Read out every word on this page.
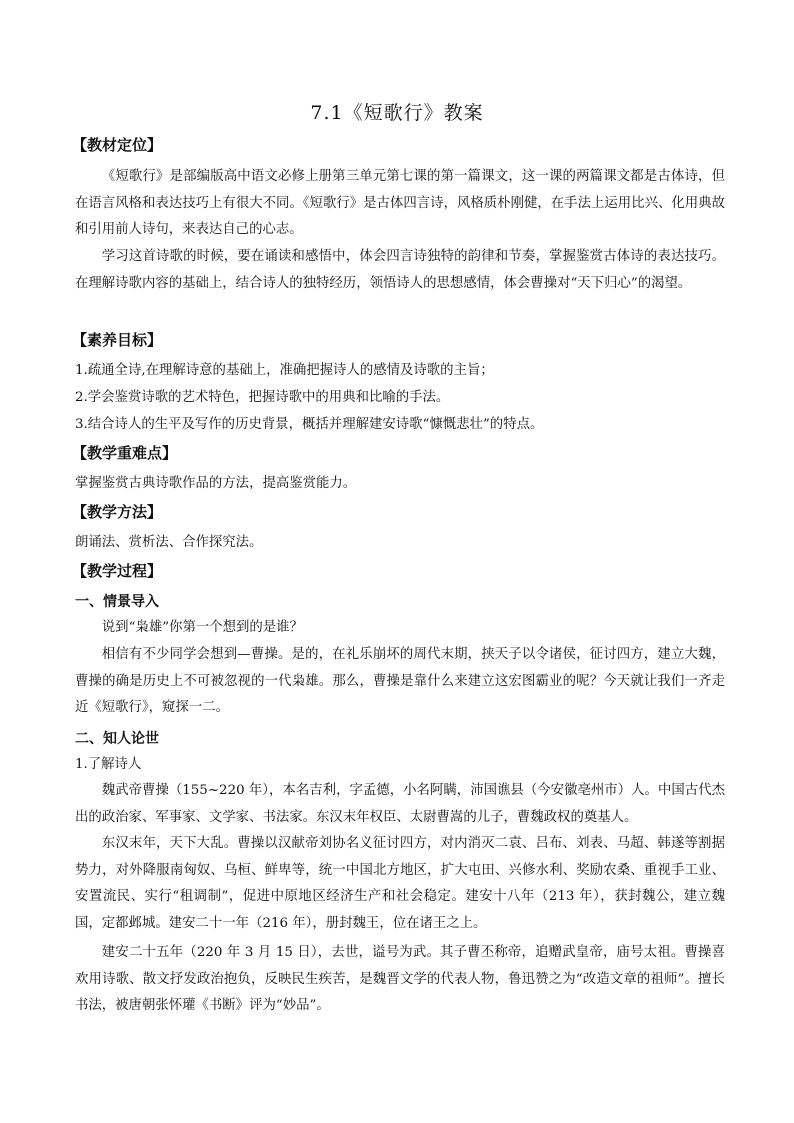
7.1《短歌行》教案
【教材定位】
《短歌行》是部编版高中语文必修上册第三单元第七课的第一篇课文，这一课的两篇课文都是古体诗，但在语言风格和表达技巧上有很大不同。《短歌行》是古体四言诗，风格质朴刚健，在手法上运用比兴、化用典故和引用前人诗句，来表达自己的心志。
学习这首诗歌的时候，要在诵读和感悟中，体会四言诗独特的韵律和节奏，掌握鉴赏古体诗的表达技巧。在理解诗歌内容的基础上，结合诗人的独特经历，领悟诗人的思想感情，体会曹操对“天下归心”的渴望。
【素养目标】
1.疏通全诗,在理解诗意的基础上，准确把握诗人的感情及诗歌的主旨；
2.学会鉴赏诗歌的艺术特色，把握诗歌中的用典和比喻的手法。
3.结合诗人的生平及写作的历史背景，概括并理解建安诗歌“慷慨悲壮”的特点。
【教学重难点】
掌握鉴赏古典诗歌作品的方法，提高鉴赏能力。
【教学方法】
朗诵法、赏析法、合作探究法。
【教学过程】
一、情景导入
说到“枭雄”你第一个想到的是谁？
相信有不少同学会想到—曹操。是的，在礼乐崩坏的周代末期，挟天子以令诸侯，征讨四方，建立大魏，曹操的确是历史上不可被忽视的一代枭雄。那么，曹操是靠什么来建立这宏图霸业的呢？今天就让我们一齐走近《短歌行》，窥探一二。
二、知人论世
1.了解诗人
魏武帝曹操（155~220 年），本名吉利，字孟德，小名阿瞒，沛国谯县（今安徽亳州市）人。中国古代杰出的政治家、军事家、文学家、书法家。东汉末年权臣、太尉曹嵩的儿子，曹魏政权的奠基人。
东汉末年，天下大乱。曹操以汉献帝刘协名义征讨四方，对内消灭二袁、吕布、刘表、马超、韩遂等割据势力，对外降服南匈奴、乌桓、鲜卑等，统一中国北方地区，扩大屯田、兴修水利、奖励农桑、重视手工业、安置流民、实行“租调制”，促进中原地区经济生产和社会稳定。建安十八年（213 年），获封魏公，建立魏国，定都邺城。建安二十一年（216 年），册封魏王，位在诸王之上。
建安二十五年（220 年 3 月 15 日），去世，谥号为武。其子曹丕称帝，追赠武皇帝，庙号太祖。曹操喜欢用诗歌、散文抒发政治抱负，反映民生疾苦，是魏晋文学的代表人物，鲁迅赞之为“改造文章的祖师”。擅长书法，被唐朝张怀瓘《书断》评为“妙品”。
